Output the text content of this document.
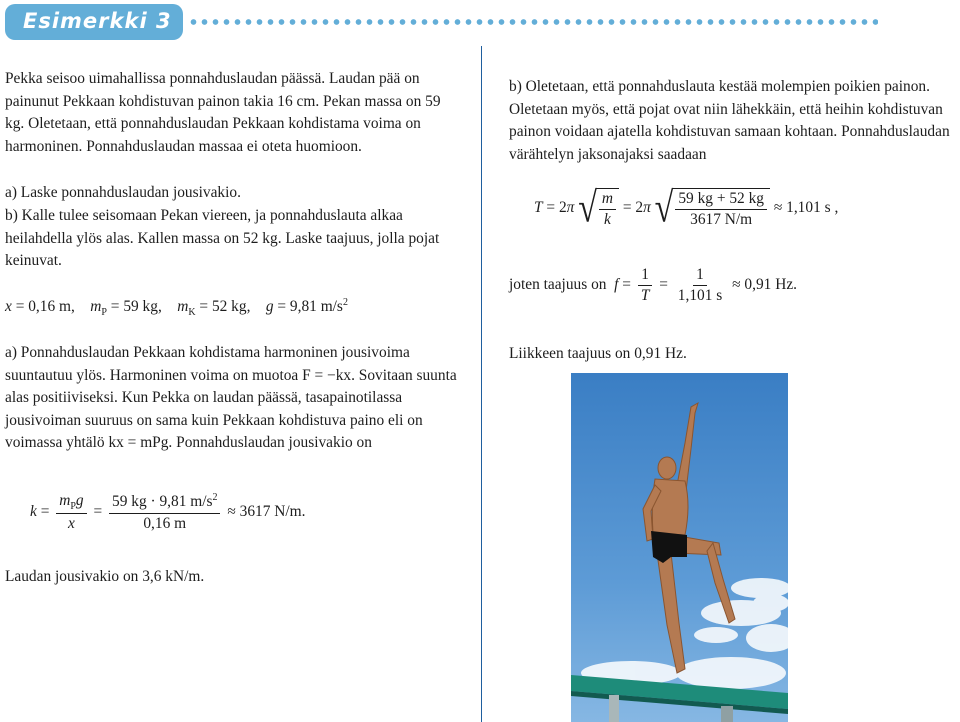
Esimerkki 3

Pekka seisoo uimahallissa ponnahduslaudan päässä. Laudan pää on painunut Pekkaan kohdistuvan painon takia 16 cm. Pekan massa on 59 kg. Oletetaan, että ponnahduslaudan Pekkaan kohdistama voima on harmoninen. Ponnahduslaudan massaa ei oteta huomioon.

a) Laske ponnahduslaudan jousivakio.

b) Kalle tulee seisomaan Pekan viereen, ja ponnahduslauta alkaa heilahdella ylös alas. Kallen massa on 52 kg. Laske taajuus, jolla pojat keinuvat.

x = 0,16 m, $m_P = 59$ kg, $m_K = 52$ kg, g = 9,81 $m/s^2$

a) Ponnahduslaudan Pekkaan kohdistama harmoninen jousivoima suuntautuu ylös. Harmoninen voima on muotoa F = −kx. Sovitaan suunta alas positiiviseksi. Kun Pekka on laudan päässä, tasapainotilassa jousivoiman suuruus on sama kuin Pekkaan kohdistuva paino eli on voimassa yhtälö kx = mPg. Ponnahduslaudan jousivakio on

$k = \frac{m_Pg}{x} = \frac{59 kg \cdot 9,81 m/s^2}{0,16 m} \approx 3617$ N/m.

Laudan jousivakio on 3,6 kN/m.

b) Oletetaan, että ponnahduslauta kestää molempien poikien painon. Oletetaan myös, että pojat ovat niin lähekkäin, että heihin kohdistuvan painon voidaan ajatella kohdistuvan samaan kohtaan. Ponnahduslaudan värähtelyn jaksonajaksi saadaan

T = 2π √ $\frac{m}{k} = 2\pi$ √ $\frac{59 kg + 52 kg}{3617 N/m} \approx 1,101$ s ,
joten taajuus on $f = \frac{1}{T} = \frac{1}{1,101 s} \approx 0,91$ Hz.

Liikkeen taajuus on 0,91 Hz.
